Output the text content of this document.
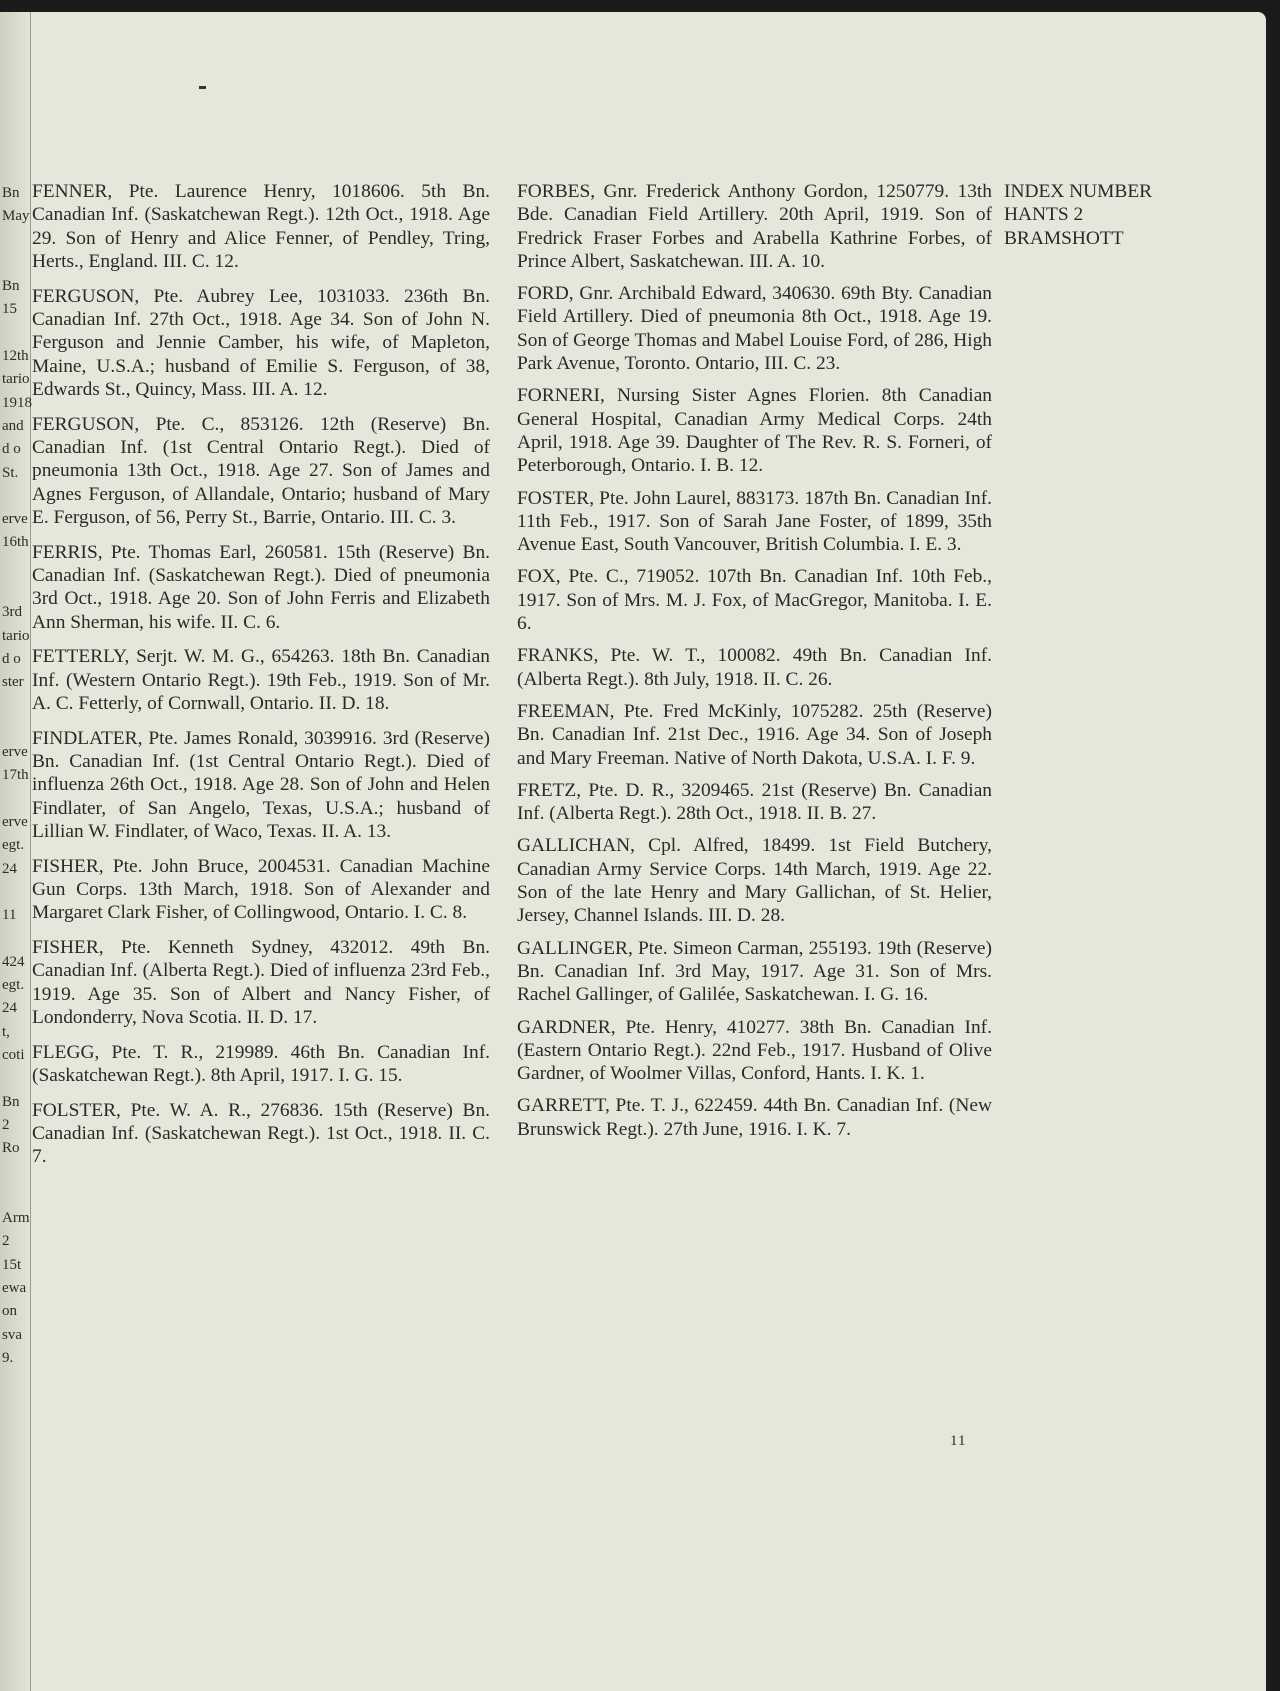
Bn
May
Bn
15
12th
tario
1918
and
d o
St.
erve
16th
3rd
tario
d o
ster
erve
17th
erve
egt.
24
11
424
egt.
24
t,
coti
Bn
2
Ro
Arm
2
15t
ewa
on
sva
9.
FENNER, Pte. Laurence Henry, 1018606. 5th Bn. Canadian Inf. (Saskatchewan Regt.). 12th Oct., 1918. Age 29. Son of Henry and Alice Fenner, of Pendley, Tring, Herts., England. III. C. 12.
FERGUSON, Pte. Aubrey Lee, 1031033. 236th Bn. Canadian Inf. 27th Oct., 1918. Age 34. Son of John N. Ferguson and Jennie Camber, his wife, of Mapleton, Maine, U.S.A.; husband of Emilie S. Ferguson, of 38, Edwards St., Quincy, Mass. III. A. 12.
FERGUSON, Pte. C., 853126. 12th (Reserve) Bn. Canadian Inf. (1st Central Ontario Regt.). Died of pneumonia 13th Oct., 1918. Age 27. Son of James and Agnes Ferguson, of Allandale, Ontario; husband of Mary E. Ferguson, of 56, Perry St., Barrie, Ontario. III. C. 3.
FERRIS, Pte. Thomas Earl, 260581. 15th (Reserve) Bn. Canadian Inf. (Saskatchewan Regt.). Died of pneumonia 3rd Oct., 1918. Age 20. Son of John Ferris and Elizabeth Ann Sherman, his wife. II. C. 6.
FETTERLY, Serjt. W. M. G., 654263. 18th Bn. Canadian Inf. (Western Ontario Regt.). 19th Feb., 1919. Son of Mr. A. C. Fetterly, of Cornwall, Ontario. II. D. 18.
FINDLATER, Pte. James Ronald, 3039916. 3rd (Reserve) Bn. Canadian Inf. (1st Central Ontario Regt.). Died of influenza 26th Oct., 1918. Age 28. Son of John and Helen Findlater, of San Angelo, Texas, U.S.A.; husband of Lillian W. Findlater, of Waco, Texas. II. A. 13.
FISHER, Pte. John Bruce, 2004531. Canadian Machine Gun Corps. 13th March, 1918. Son of Alexander and Margaret Clark Fisher, of Collingwood, Ontario. I. C. 8.
FISHER, Pte. Kenneth Sydney, 432012. 49th Bn. Canadian Inf. (Alberta Regt.). Died of influenza 23rd Feb., 1919. Age 35. Son of Albert and Nancy Fisher, of Londonderry, Nova Scotia. II. D. 17.
FLEGG, Pte. T. R., 219989. 46th Bn. Canadian Inf. (Saskatchewan Regt.). 8th April, 1917. I. G. 15.
FOLSTER, Pte. W. A. R., 276836. 15th (Reserve) Bn. Canadian Inf. (Saskatchewan Regt.). 1st Oct., 1918. II. C. 7.
FORBES, Gnr. Frederick Anthony Gordon, 1250779. 13th Bde. Canadian Field Artillery. 20th April, 1919. Son of Fredrick Fraser Forbes and Arabella Kathrine Forbes, of Prince Albert, Saskatchewan. III. A. 10.
FORD, Gnr. Archibald Edward, 340630. 69th Bty. Canadian Field Artillery. Died of pneumonia 8th Oct., 1918. Age 19. Son of George Thomas and Mabel Louise Ford, of 286, High Park Avenue, Toronto. Ontario, III. C. 23.
FORNERI, Nursing Sister Agnes Florien. 8th Canadian General Hospital, Canadian Army Medical Corps. 24th April, 1918. Age 39. Daughter of The Rev. R. S. Forneri, of Peterborough, Ontario. I. B. 12.
FOSTER, Pte. John Laurel, 883173. 187th Bn. Canadian Inf. 11th Feb., 1917. Son of Sarah Jane Foster, of 1899, 35th Avenue East, South Vancouver, British Columbia. I. E. 3.
FOX, Pte. C., 719052. 107th Bn. Canadian Inf. 10th Feb., 1917. Son of Mrs. M. J. Fox, of MacGregor, Manitoba. I. E. 6.
FRANKS, Pte. W. T., 100082. 49th Bn. Canadian Inf. (Alberta Regt.). 8th July, 1918. II. C. 26.
FREEMAN, Pte. Fred McKinly, 1075282. 25th (Reserve) Bn. Canadian Inf. 21st Dec., 1916. Age 34. Son of Joseph and Mary Freeman. Native of North Dakota, U.S.A. I. F. 9.
FRETZ, Pte. D. R., 3209465. 21st (Reserve) Bn. Canadian Inf. (Alberta Regt.). 28th Oct., 1918. II. B. 27.
GALLICHAN, Cpl. Alfred, 18499. 1st Field Butchery, Canadian Army Service Corps. 14th March, 1919. Age 22. Son of the late Henry and Mary Gallichan, of St. Helier, Jersey, Channel Islands. III. D. 28.
GALLINGER, Pte. Simeon Carman, 255193. 19th (Reserve) Bn. Canadian Inf. 3rd May, 1917. Age 31. Son of Mrs. Rachel Gallinger, of Galilée, Saskatchewan. I. G. 16.
GARDNER, Pte. Henry, 410277. 38th Bn. Canadian Inf. (Eastern Ontario Regt.). 22nd Feb., 1917. Husband of Olive Gardner, of Woolmer Villas, Conford, Hants. I. K. 1.
GARRETT, Pte. T. J., 622459. 44th Bn. Canadian Inf. (New Brunswick Regt.). 27th June, 1916. I. K. 7.
INDEX NUMBER
HANTS 2
BRAMSHOTT
11
